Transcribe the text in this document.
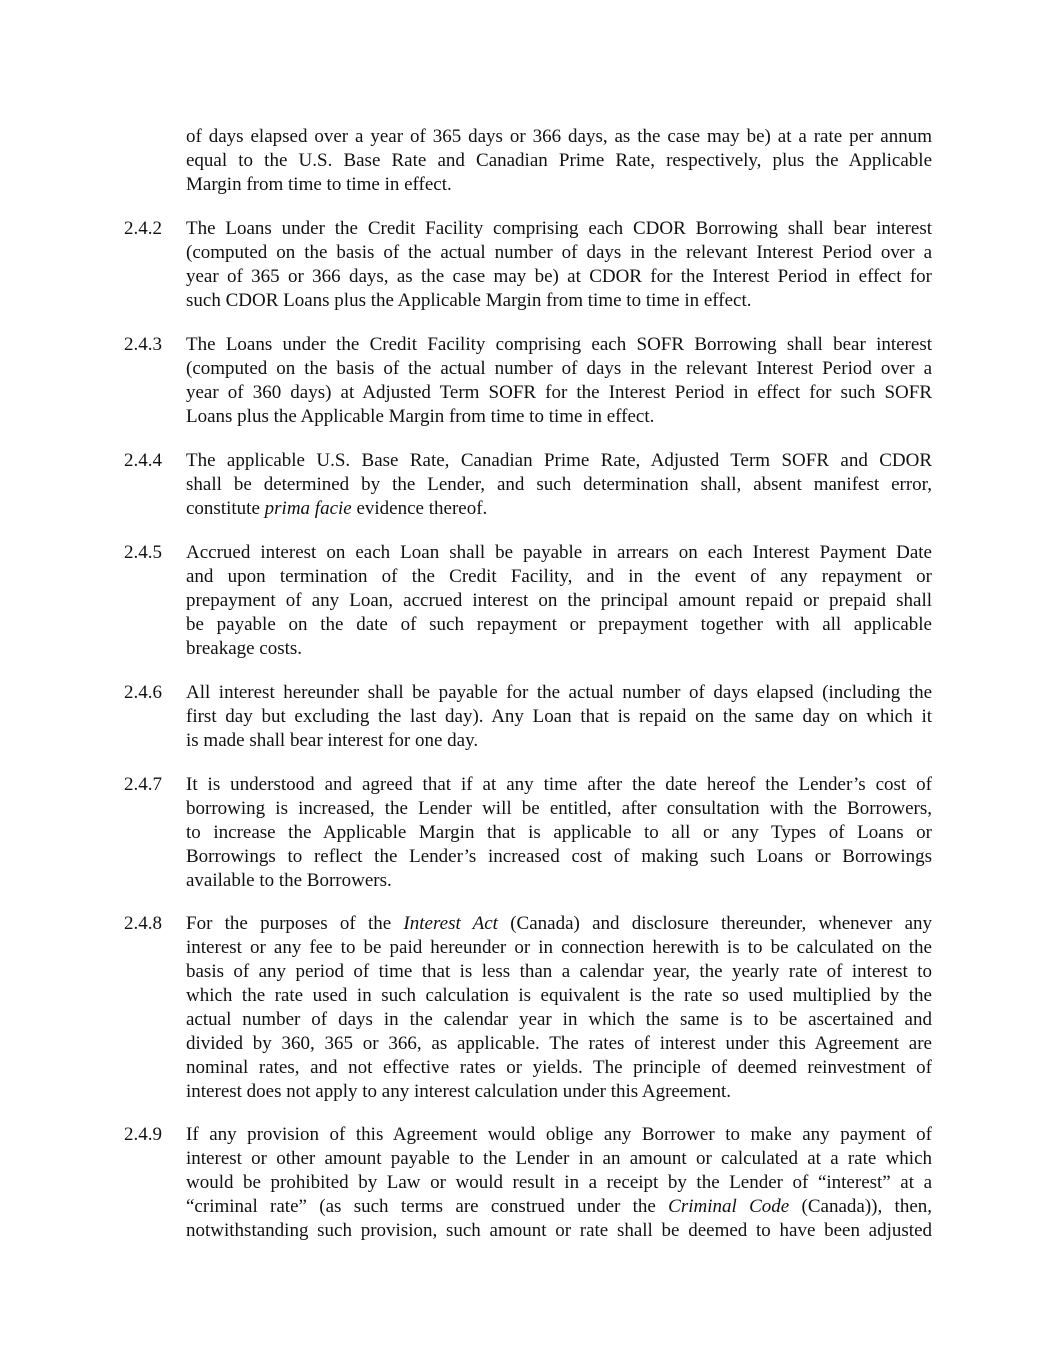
of days elapsed over a year of 365 days or 366 days, as the case may be) at a rate per annum
equal to the U.S. Base Rate and Canadian Prime Rate, respectively, plus the Applicable
Margin from time to time in effect.
2.4.2 The Loans under the Credit Facility comprising each CDOR Borrowing shall bear interest
(computed on the basis of the actual number of days in the relevant Interest Period over a
year of 365 or 366 days, as the case may be) at CDOR for the Interest Period in effect for
such CDOR Loans plus the Applicable Margin from time to time in effect.
2.4.3 The Loans under the Credit Facility comprising each SOFR Borrowing shall bear interest
(computed on the basis of the actual number of days in the relevant Interest Period over a
year of 360 days) at Adjusted Term SOFR for the Interest Period in effect for such SOFR
Loans plus the Applicable Margin from time to time in effect.
2.4.4 The applicable U.S. Base Rate, Canadian Prime Rate, Adjusted Term SOFR and CDOR
shall be determined by the Lender, and such determination shall, absent manifest error,
constitute prima facie evidence thereof.
2.4.5 Accrued interest on each Loan shall be payable in arrears on each Interest Payment Date
and upon termination of the Credit Facility, and in the event of any repayment or
prepayment of any Loan, accrued interest on the principal amount repaid or prepaid shall
be payable on the date of such repayment or prepayment together with all applicable
breakage costs.
2.4.6 All interest hereunder shall be payable for the actual number of days elapsed (including the
first day but excluding the last day). Any Loan that is repaid on the same day on which it
is made shall bear interest for one day.
2.4.7 It is understood and agreed that if at any time after the date hereof the Lender’s cost of
borrowing is increased, the Lender will be entitled, after consultation with the Borrowers,
to increase the Applicable Margin that is applicable to all or any Types of Loans or
Borrowings to reflect the Lender’s increased cost of making such Loans or Borrowings
available to the Borrowers.
2.4.8 For the purposes of the Interest Act (Canada) and disclosure thereunder, whenever any
interest or any fee to be paid hereunder or in connection herewith is to be calculated on the
basis of any period of time that is less than a calendar year, the yearly rate of interest to
which the rate used in such calculation is equivalent is the rate so used multiplied by the
actual number of days in the calendar year in which the same is to be ascertained and
divided by 360, 365 or 366, as applicable. The rates of interest under this Agreement are
nominal rates, and not effective rates or yields. The principle of deemed reinvestment of
interest does not apply to any interest calculation under this Agreement.
2.4.9 If any provision of this Agreement would oblige any Borrower to make any payment of
interest or other amount payable to the Lender in an amount or calculated at a rate which
would be prohibited by Law or would result in a receipt by the Lender of “interest” at a
“criminal rate” (as such terms are construed under the Criminal Code (Canada)), then,
notwithstanding such provision, such amount or rate shall be deemed to have been adjusted
